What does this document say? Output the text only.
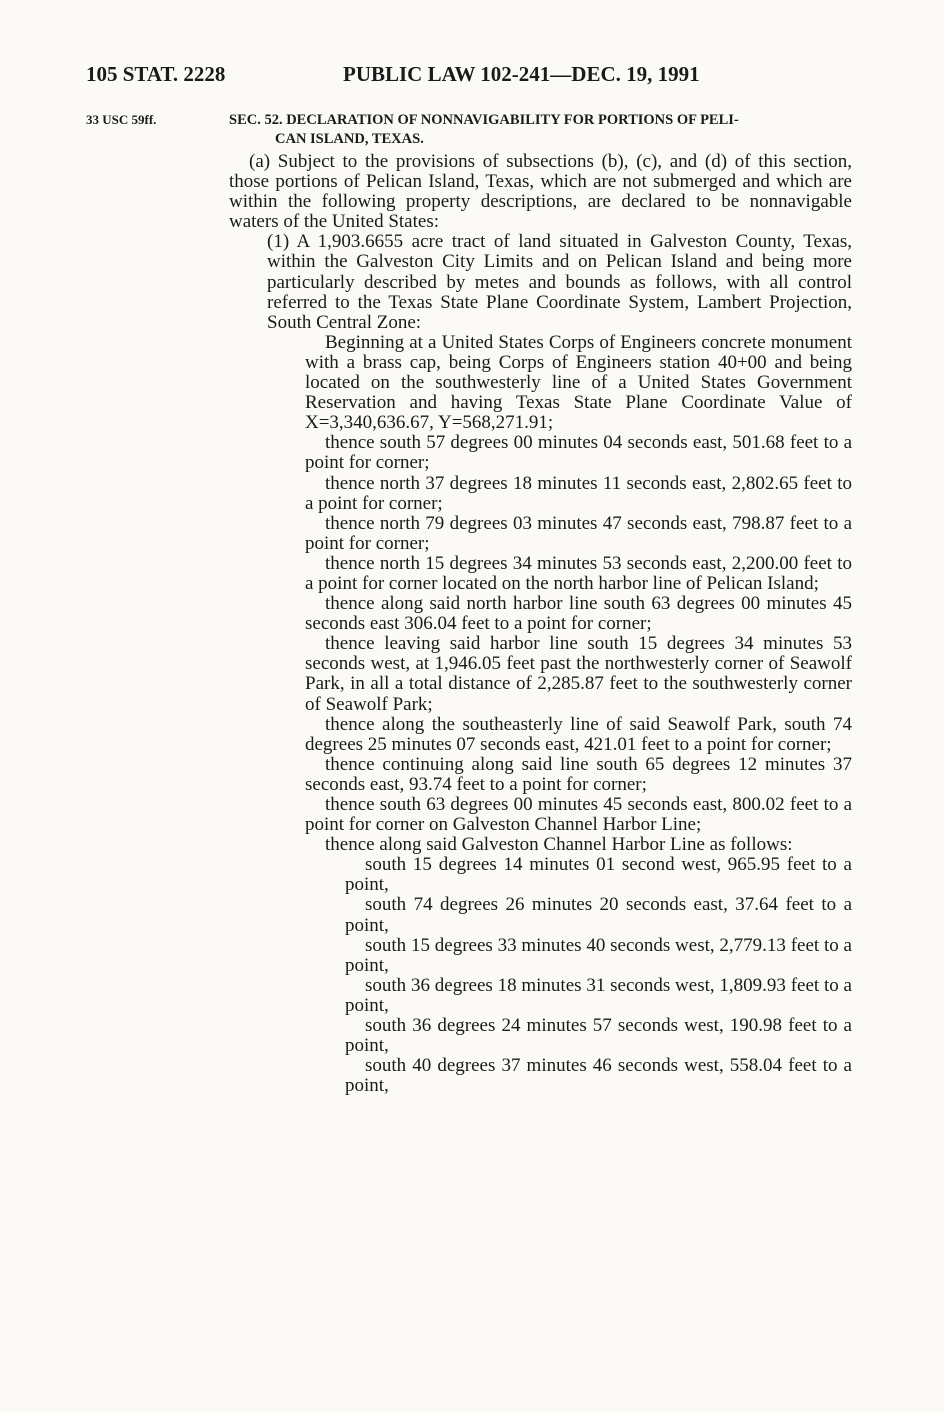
105 STAT. 2228	PUBLIC LAW 102-241—DEC. 19, 1991
33 USC 59ff.	SEC. 52. DECLARATION OF NONNAVIGABILITY FOR PORTIONS OF PELI-
CAN ISLAND, TEXAS.

(a) Subject to the provisions of subsections (b), (c), and (d) of this section, those portions of Pelican Island, Texas, which are not submerged and which are within the following property descriptions, are declared to be nonnavigable waters of the United States:

(1) A 1,903.6655 acre tract of land situated in Galveston County, Texas, within the Galveston City Limits and on Pelican Island and being more particularly described by metes and bounds as follows, with all control referred to the Texas State Plane Coordinate System, Lambert Projection, South Central Zone:

Beginning at a United States Corps of Engineers concrete monument with a brass cap, being Corps of Engineers station 40+00 and being located on the southwesterly line of a United States Government Reservation and having Texas State Plane Coordinate Value of X=3,340,636.67, Y=568,271.91;

thence south 57 degrees 00 minutes 04 seconds east, 501.68 feet to a point for corner;

thence north 37 degrees 18 minutes 11 seconds east, 2,802.65 feet to a point for corner;

thence north 79 degrees 03 minutes 47 seconds east, 798.87 feet to a point for corner;

thence north 15 degrees 34 minutes 53 seconds east, 2,200.00 feet to a point for corner located on the north harbor line of Pelican Island;

thence along said north harbor line south 63 degrees 00 minutes 45 seconds east 306.04 feet to a point for corner;

thence leaving said harbor line south 15 degrees 34 minutes 53 seconds west, at 1,946.05 feet past the northwesterly corner of Seawolf Park, in all a total distance of 2,285.87 feet to the southwesterly corner of Seawolf Park;

thence along the southeasterly line of said Seawolf Park, south 74 degrees 25 minutes 07 seconds east, 421.01 feet to a point for corner;

thence continuing along said line south 65 degrees 12 minutes 37 seconds east, 93.74 feet to a point for corner;

thence south 63 degrees 00 minutes 45 seconds east, 800.02 feet to a point for corner on Galveston Channel Harbor Line;

thence along said Galveston Channel Harbor Line as follows:

south 15 degrees 14 minutes 01 second west, 965.95 feet to a point,

south 74 degrees 26 minutes 20 seconds east, 37.64 feet to a point,

south 15 degrees 33 minutes 40 seconds west, 2,779.13 feet to a point,

south 36 degrees 18 minutes 31 seconds west, 1,809.93 feet to a point,

south 36 degrees 24 minutes 57 seconds west, 190.98 feet to a point,

south 40 degrees 37 minutes 46 seconds west, 558.04 feet to a point,
